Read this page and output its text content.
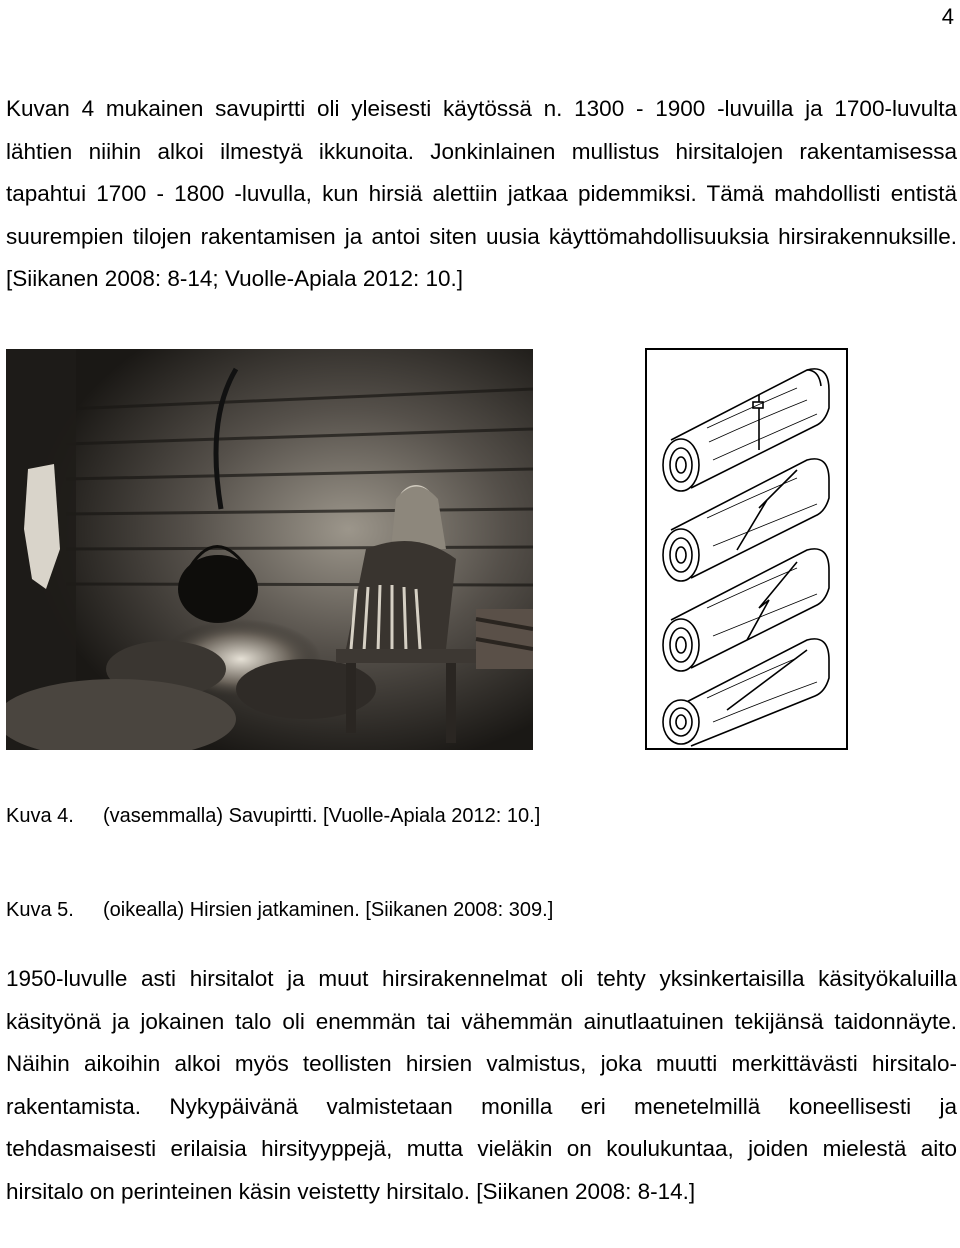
4

Kuvan 4 mukainen savupirtti oli yleisesti käytössä n. 1300 - 1900 -luvuilla ja 1700-luvulta lähtien niihin alkoi ilmestyä ikkunoita. Jonkinlainen mullistus hirsitalojen rakentamisessa tapahtui 1700 - 1800 -luvulla, kun hirsiä alettiin jatkaa pidemmiksi. Tämä mahdollisti entistä suurempien tilojen rakentamisen ja antoi siten uusia käyttömahdollisuuksia hirsirakennuksille. [Siikanen 2008: 8-14; Vuolle-Apiala 2012: 10.]

Kuva 4. (vasemmalla) Savupirtti. [Vuolle-Apiala 2012: 10.]
Kuva 5. (oikealla) Hirsien jatkaminen. [Siikanen 2008: 309.]

1950-luvulle asti hirsitalot ja muut hirsirakennelmat oli tehty yksinkertaisilla käsityökaluilla käsityönä ja jokainen talo oli enemmän tai vähemmän ainutlaatuinen tekijänsä taidonnäyte. Näihin aikoihin alkoi myös teollisten hirsien valmistus, joka muutti merkittävästi hirsitalo-rakentamista. Nykypäivänä valmistetaan monilla eri menetelmillä koneellisesti ja tehdasmaisesti erilaisia hirsityyppejä, mutta vieläkin on koulukuntaa, joiden mielestä aito hirsitalo on perinteinen käsin veistetty hirsitalo. [Siikanen 2008: 8-14.]
